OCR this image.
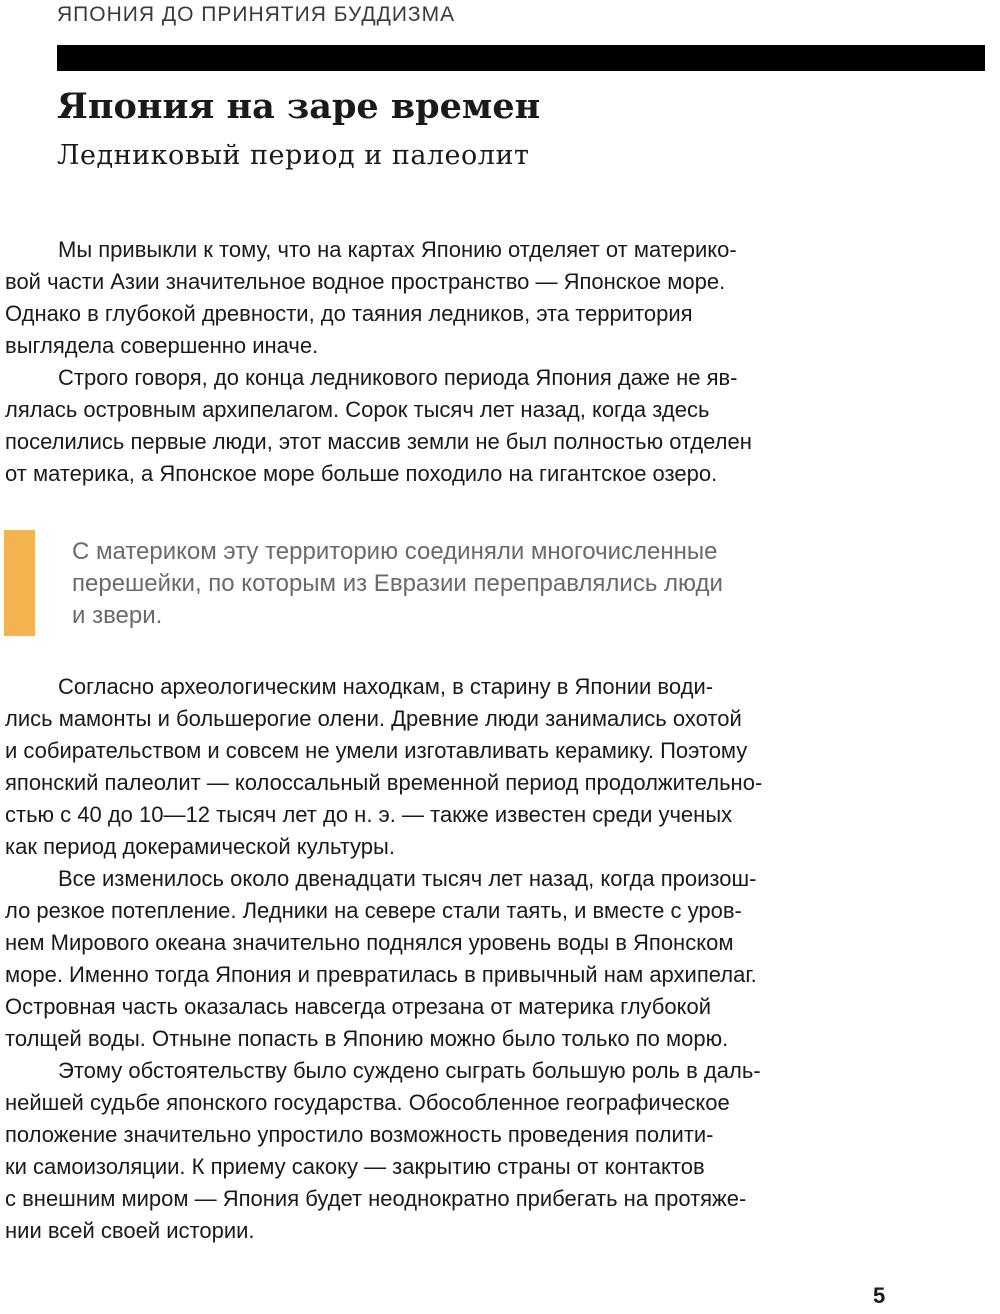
ЯПОНИЯ ДО ПРИНЯТИЯ БУДДИЗМА
Япония на заре времен
Ледниковый период и палеолит

Мы привыкли к тому, что на картах Японию отделяет от материко-
вой части Азии значительное водное пространство — Японское море.
Однако в глубокой древности, до таяния ледников, эта территория
выглядела совершенно иначе.

Строго говоря, до конца ледникового периода Япония даже не яв-
лялась островным архипелагом. Сорок тысяч лет назад, когда здесь
поселились первые люди, этот массив земли не был полностью отделен
от материка, а Японское море больше походило на гигантское озеро.

С материком эту территорию соединяли многочисленные
перешейки, по которым из Евразии переправлялись люди
и звери.

Согласно археологическим находкам, в старину в Японии води-
лись мамонты и большерогие олени. Древние люди занимались охотой
и собирательством и совсем не умели изготавливать керамику. Поэтому
японский палеолит — колоссальный временной период продолжительно-
стью с 40 до 10—12 тысяч лет до н. э. — также известен среди ученых
как период докерамической культуры.

Все изменилось около двенадцати тысяч лет назад, когда произош-
ло резкое потепление. Ледники на севере стали таять, и вместе с уров-
нем Мирового океана значительно поднялся уровень воды в Японском
море. Именно тогда Япония и превратилась в привычный нам архипелаг.
Островная часть оказалась навсегда отрезана от материка глубокой
толщей воды. Отныне попасть в Японию можно было только по морю.

Этому обстоятельству было суждено сыграть большую роль в даль-
нейшей судьбе японского государства. Обособленное географическое
положение значительно упростило возможность проведения полити-
ки самоизоляции. К приему сакоку — закрытию страны от контактов
с внешним миром — Япония будет неоднократно прибегать на протяже-
нии всей своей истории.

5
